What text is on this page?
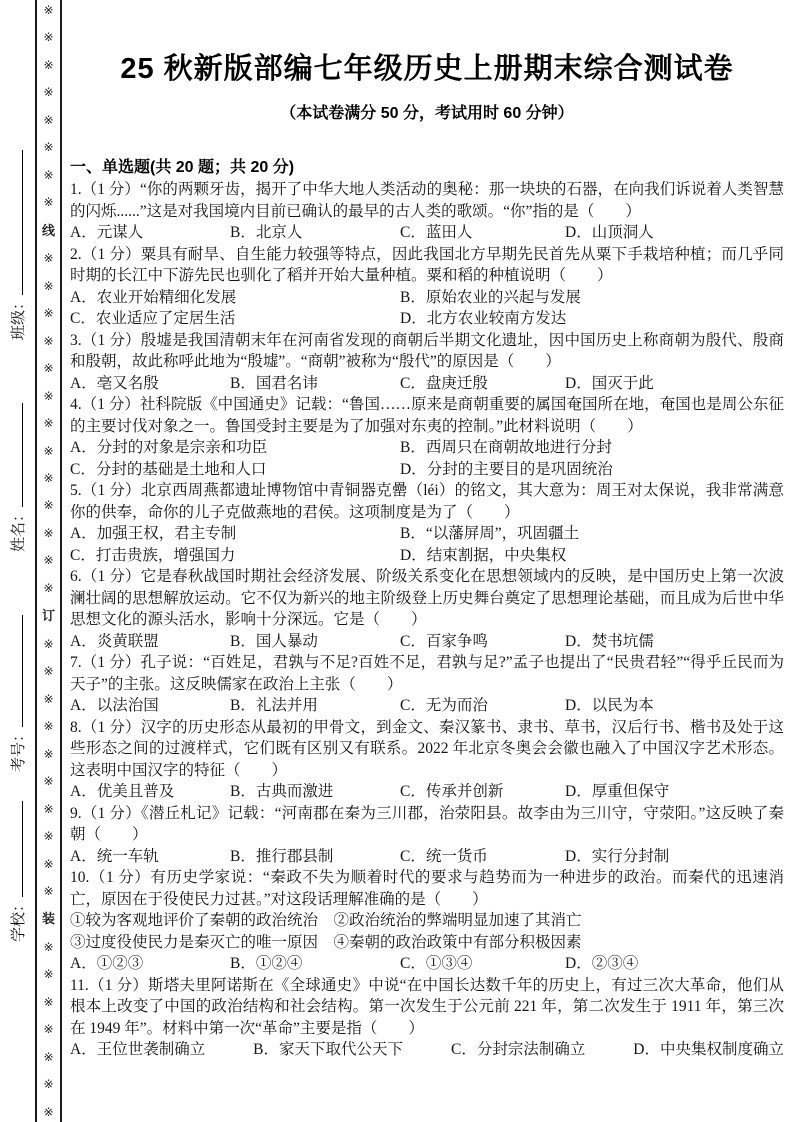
班级：
姓名：
考号：
学校：
※
※
※
※
※
※
※
※
线
※
※
※
※
※
※
※
※
※
※
※
※
※
订
※
※
※
※
※
※
※
※
※
※
装
※
※
※
※
※
※
※
25 秋新版部编七年级历史上册期末综合测试卷

（本试卷满分 50 分，考试用时 60 分钟）

一、单选题(共 20 题；共 20 分)

1.（1 分）“你的两颗牙齿，揭开了中华大地人类活动的奥秘：那一块块的石器，在向我们诉说着人类智慧的闪烁......”这是对我国境内目前已确认的最早的古人类的歌颂。“你”指的是（　　）

A．元谋人	B．北京人	C．蓝田人	D．山顶洞人

2.（1 分）粟具有耐旱、自生能力较强等特点，因此我国北方早期先民首先从粟下手栽培种植；而几乎同时期的长江中下游先民也驯化了稻并开始大量种植。粟和稻的种植说明（　　）

A．农业开始精细化发展	B．原始农业的兴起与发展
C．农业适应了定居生活	D．北方农业较南方发达

3.（1 分）殷墟是我国清朝末年在河南省发现的商朝后半期文化遗址，因中国历史上称商朝为殷代、殷商和殷朝，故此称呼此地为“殷墟”。“商朝”被称为“殷代”的原因是（　　）

A．亳又名殷	B．国君名讳	C．盘庚迁殷	D．国灭于此

4.（1 分）社科院版《中国通史》记载：“鲁国……原来是商朝重要的属国奄国所在地，奄国也是周公东征的主要讨伐对象之一。鲁国受封主要是为了加强对东夷的控制。”此材料说明（　　）

A．分封的对象是宗亲和功臣	B．西周只在商朝故地进行分封
C．分封的基础是土地和人口	D．分封的主要目的是巩固统治

5.（1 分）北京西周燕都遗址博物馆中青铜器克罍（léi）的铭文，其大意为：周王对太保说，我非常满意你的供奉，命你的儿子克做燕地的君侯。这项制度是为了（　　）

A．加强王权，君主专制	B．“以藩屏周”，巩固疆土
C．打击贵族，增强国力	D．结束割据，中央集权

6.（1 分）它是春秋战国时期社会经济发展、阶级关系变化在思想领域内的反映，是中国历史上第一次波澜壮阔的思想解放运动。它不仅为新兴的地主阶级登上历史舞台奠定了思想理论基础，而且成为后世中华思想文化的源头活水，影响十分深远。它是（　　）

A．炎黄联盟	B．国人暴动	C．百家争鸣	D．焚书坑儒

7.（1 分）孔子说：“百姓足，君孰与不足?百姓不足，君孰与足?”孟子也提出了“民贵君轻”“得乎丘民而为天子”的主张。这反映儒家在政治上主张（　　）

A．以法治国	B．礼法并用	C．无为而治	D．以民为本

8.（1 分）汉字的历史形态从最初的甲骨文，到金文、秦汉篆书、隶书、草书，汉后行书、楷书及处于这些形态之间的过渡样式，它们既有区别又有联系。2022 年北京冬奥会会徽也融入了中国汉字艺术形态。这表明中国汉字的特征（　　）

A．优美且普及	B．古典而激进	C．传承并创新	D．厚重但保守

9.（1 分）《潜丘札记》记载：“河南郡在秦为三川郡，治荥阳县。故李由为三川守，守荥阳。”这反映了秦朝（　　）

A．统一车轨	B．推行郡县制	C．统一货币	D．实行分封制

10.（1 分）有历史学家说：“秦政不失为顺着时代的要求与趋势而为一种进步的政治。而秦代的迅速消亡，原因在于役使民力过甚。”对这段话理解准确的是（　　）

①较为客观地评价了秦朝的政治统治　②政治统治的弊端明显加速了其消亡

③过度役使民力是秦灭亡的唯一原因　④秦朝的政治政策中有部分积极因素

A．①②③	B．①②④	C．①③④	D．②③④

11.（1 分）斯塔夫里阿诺斯在《全球通史》中说“在中国长达数千年的历史上，有过三次大革命，他们从根本上改变了中国的政治结构和社会结构。第一次发生于公元前 221 年，第二次发生于 1911 年，第三次在 1949 年”。材料中第一次“革命”主要是指（　　）

A．王位世袭制确立	B．家天下取代公天下	C．分封宗法制确立	D．中央集权制度确立
